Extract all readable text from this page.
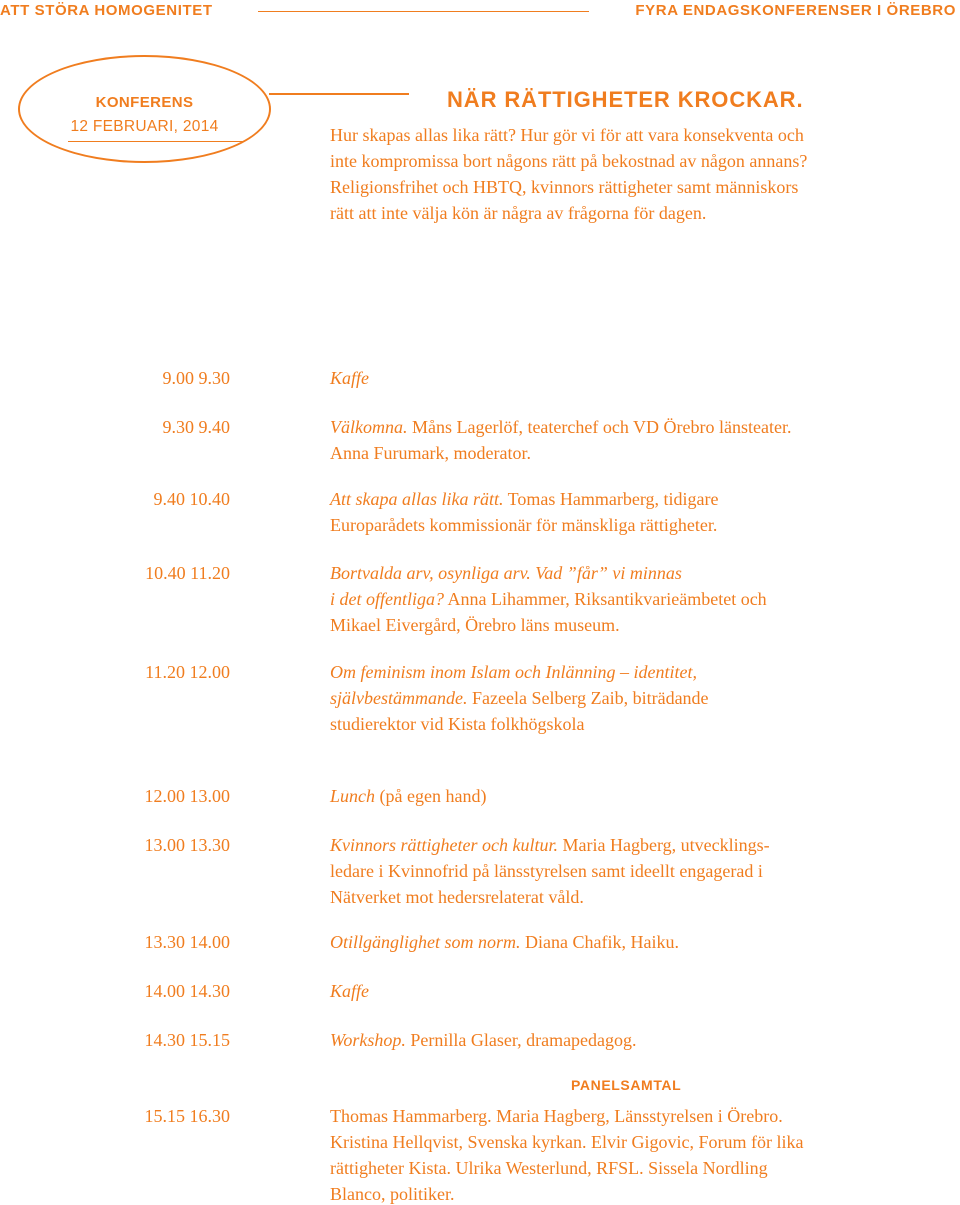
ATT STÖRA HOMOGENITET	FYRA ENDAGSKONFERENSER I ÖREBRO
KONFERENS
12 FEBRUARI, 2014
NÄR RÄTTIGHETER KROCKAR.
Hur skapas allas lika rätt? Hur gör vi för att vara konsekventa och
inte kompromissa bort någons rätt på bekostnad av någon annans?
Religionsfrihet och HBTQ, kvinnors rättigheter samt människors
rätt att inte välja kön är några av frågorna för dagen.
PANELSAMTAL
9.00 9.30	Kaffe
9.30 9.40	Välkomna. Måns Lagerlöf, teaterchef och VD Örebro länsteater.
Anna Furumark, moderator.
9.40 10.40	Att skapa allas lika rätt. Tomas Hammarberg, tidigare
Europarådets kommissionär för mänskliga rättigheter.
10.40 11.20	Bortvalda arv, osynliga arv. Vad ”får” vi minnas
i det offentliga? Anna Lihammer, Riksantikvarieämbetet och
Mikael Eivergård, Örebro läns museum.
11.20 12.00	Om feminism inom Islam och Inlänning – identitet,
självbestämmande. Fazeela Selberg Zaib, biträdande
studierektor vid Kista folkhögskola
12.00 13.00	Lunch (på egen hand)
13.00 13.30	Kvinnors rättigheter och kultur. Maria Hagberg, utvecklings-
ledare i Kvinnofrid på länsstyrelsen samt ideellt engagerad i
Nätverket mot hedersrelaterat våld.
13.30 14.00	Otillgänglighet som norm. Diana Chafik, Haiku.
14.00 14.30	Kaffe
14.30 15.15	Workshop. Pernilla Glaser, dramapedagog.
15.15 16.30	Thomas Hammarberg. Maria Hagberg, Länsstyrelsen i Örebro.
Kristina Hellqvist, Svenska kyrkan. Elvir Gigovic, Forum för lika
rättigheter Kista. Ulrika Westerlund, RFSL. Sissela Nordling
Blanco, politiker.
